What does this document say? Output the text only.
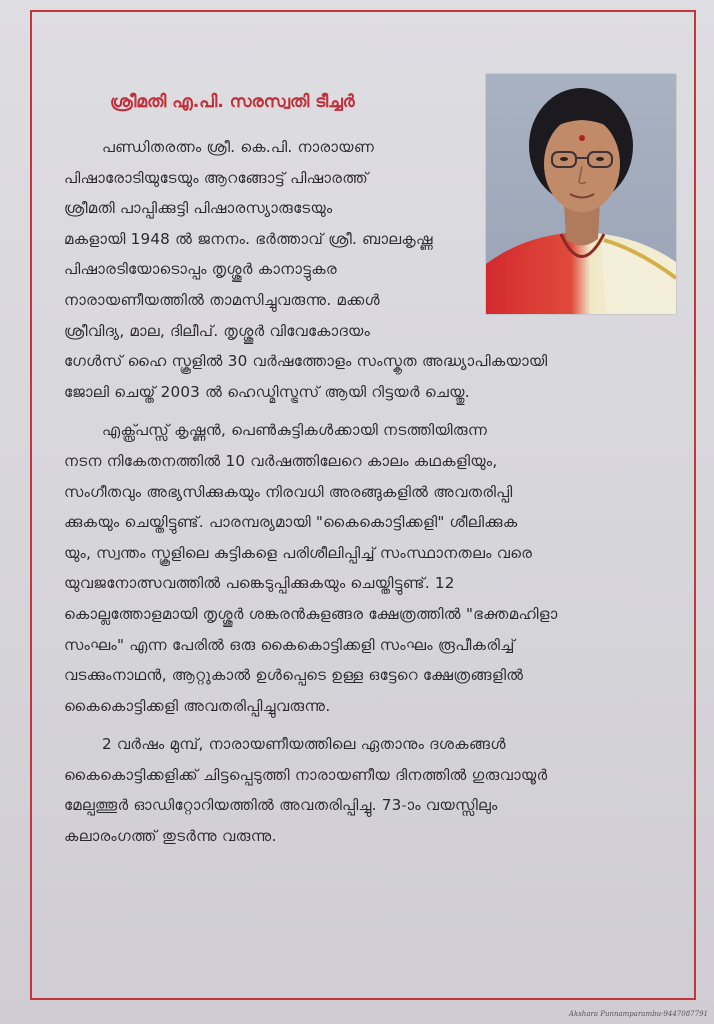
ശ്രീമതി എ.പി. സരസ്വതി ടീച്ചർ
പണ്ഡിതരത്നം ശ്രീ. കെ.പി. നാരായണ
പിഷാരോടിയുടേയും ആറങ്ങോട്ട് പിഷാരത്ത്
ശ്രീമതി പാപ്പിക്കുട്ടി പിഷാരസ്യാരുടേയും
മകളായി 1948 ൽ ജനനം. ഭർത്താവ് ശ്രീ. ബാലകൃഷ്ണ
പിഷാരടിയോടൊപ്പം തൃശ്ശൂർ കാനാട്ടുകര
നാരായണീയത്തിൽ താമസിച്ചുവരുന്നു. മക്കൾ
ശ്രീവിദ്യ, മാല, ദിലീപ്. തൃശ്ശൂർ വിവേകോദയം
ഗേൾസ് ഹൈ സ്കൂളിൽ 30 വർഷത്തോളം സംസ്കൃത അദ്ധ്യാപികയായി
ജോലി ചെയ്ത് 2003 ൽ ഹെഡ്മിസ്ട്രസ് ആയി റിട്ടയർ ചെയ്തു.
എക്സ്പ്രസ്സ് കൃഷ്ണൻ, പെൺകുട്ടികൾക്കായി നടത്തിയിരുന്ന
നടന നികേതനത്തിൽ 10 വർഷത്തിലേറെ കാലം കഥകളിയും,
സംഗീതവും അഭ്യസിക്കുകയും നിരവധി അരങ്ങുകളിൽ അവതരിപ്പി
ക്കുകയും ചെയ്തിട്ടുണ്ട്. പാരമ്പര്യമായി "കൈകൊട്ടിക്കളി" ശീലിക്കുക
യും, സ്വന്തം സ്കൂളിലെ കുട്ടികളെ പരിശീലിപ്പിച്ച് സംസ്ഥാനതലം വരെ
യുവജനോത്സവത്തിൽ പങ്കെടുപ്പിക്കുകയും ചെയ്തിട്ടുണ്ട്. 12
കൊല്ലത്തോളമായി തൃശ്ശൂർ ശങ്കരൻകുളങ്ങര ക്ഷേത്രത്തിൽ "ഭക്തമഹിളാ
സംഘം" എന്ന പേരിൽ ഒരു കൈകൊട്ടിക്കളി സംഘം രൂപീകരിച്ച്
വടക്കുംനാഥൻ, ആറ്റുകാൽ ഉൾപ്പെടെ ഉള്ള ഒട്ടേറെ ക്ഷേത്രങ്ങളിൽ
കൈകൊട്ടിക്കളി അവതരിപ്പിച്ചുവരുന്നു.
2 വർഷം മുമ്പ്, നാരായണീയത്തിലെ ഏതാനും ദശകങ്ങൾ
കൈകൊട്ടിക്കളിക്ക് ചിട്ടപ്പെടുത്തി നാരായണീയ ദിനത്തിൽ ഗുരുവായൂർ
മേല്പത്തൂർ ഓഡിറ്റോറിയത്തിൽ അവതരിപ്പിച്ചു. 73-ാം വയസ്സിലും
കലാരംഗത്ത് തുടർന്നു വരുന്നു.
Akshara Punnamparambu-9447087791
